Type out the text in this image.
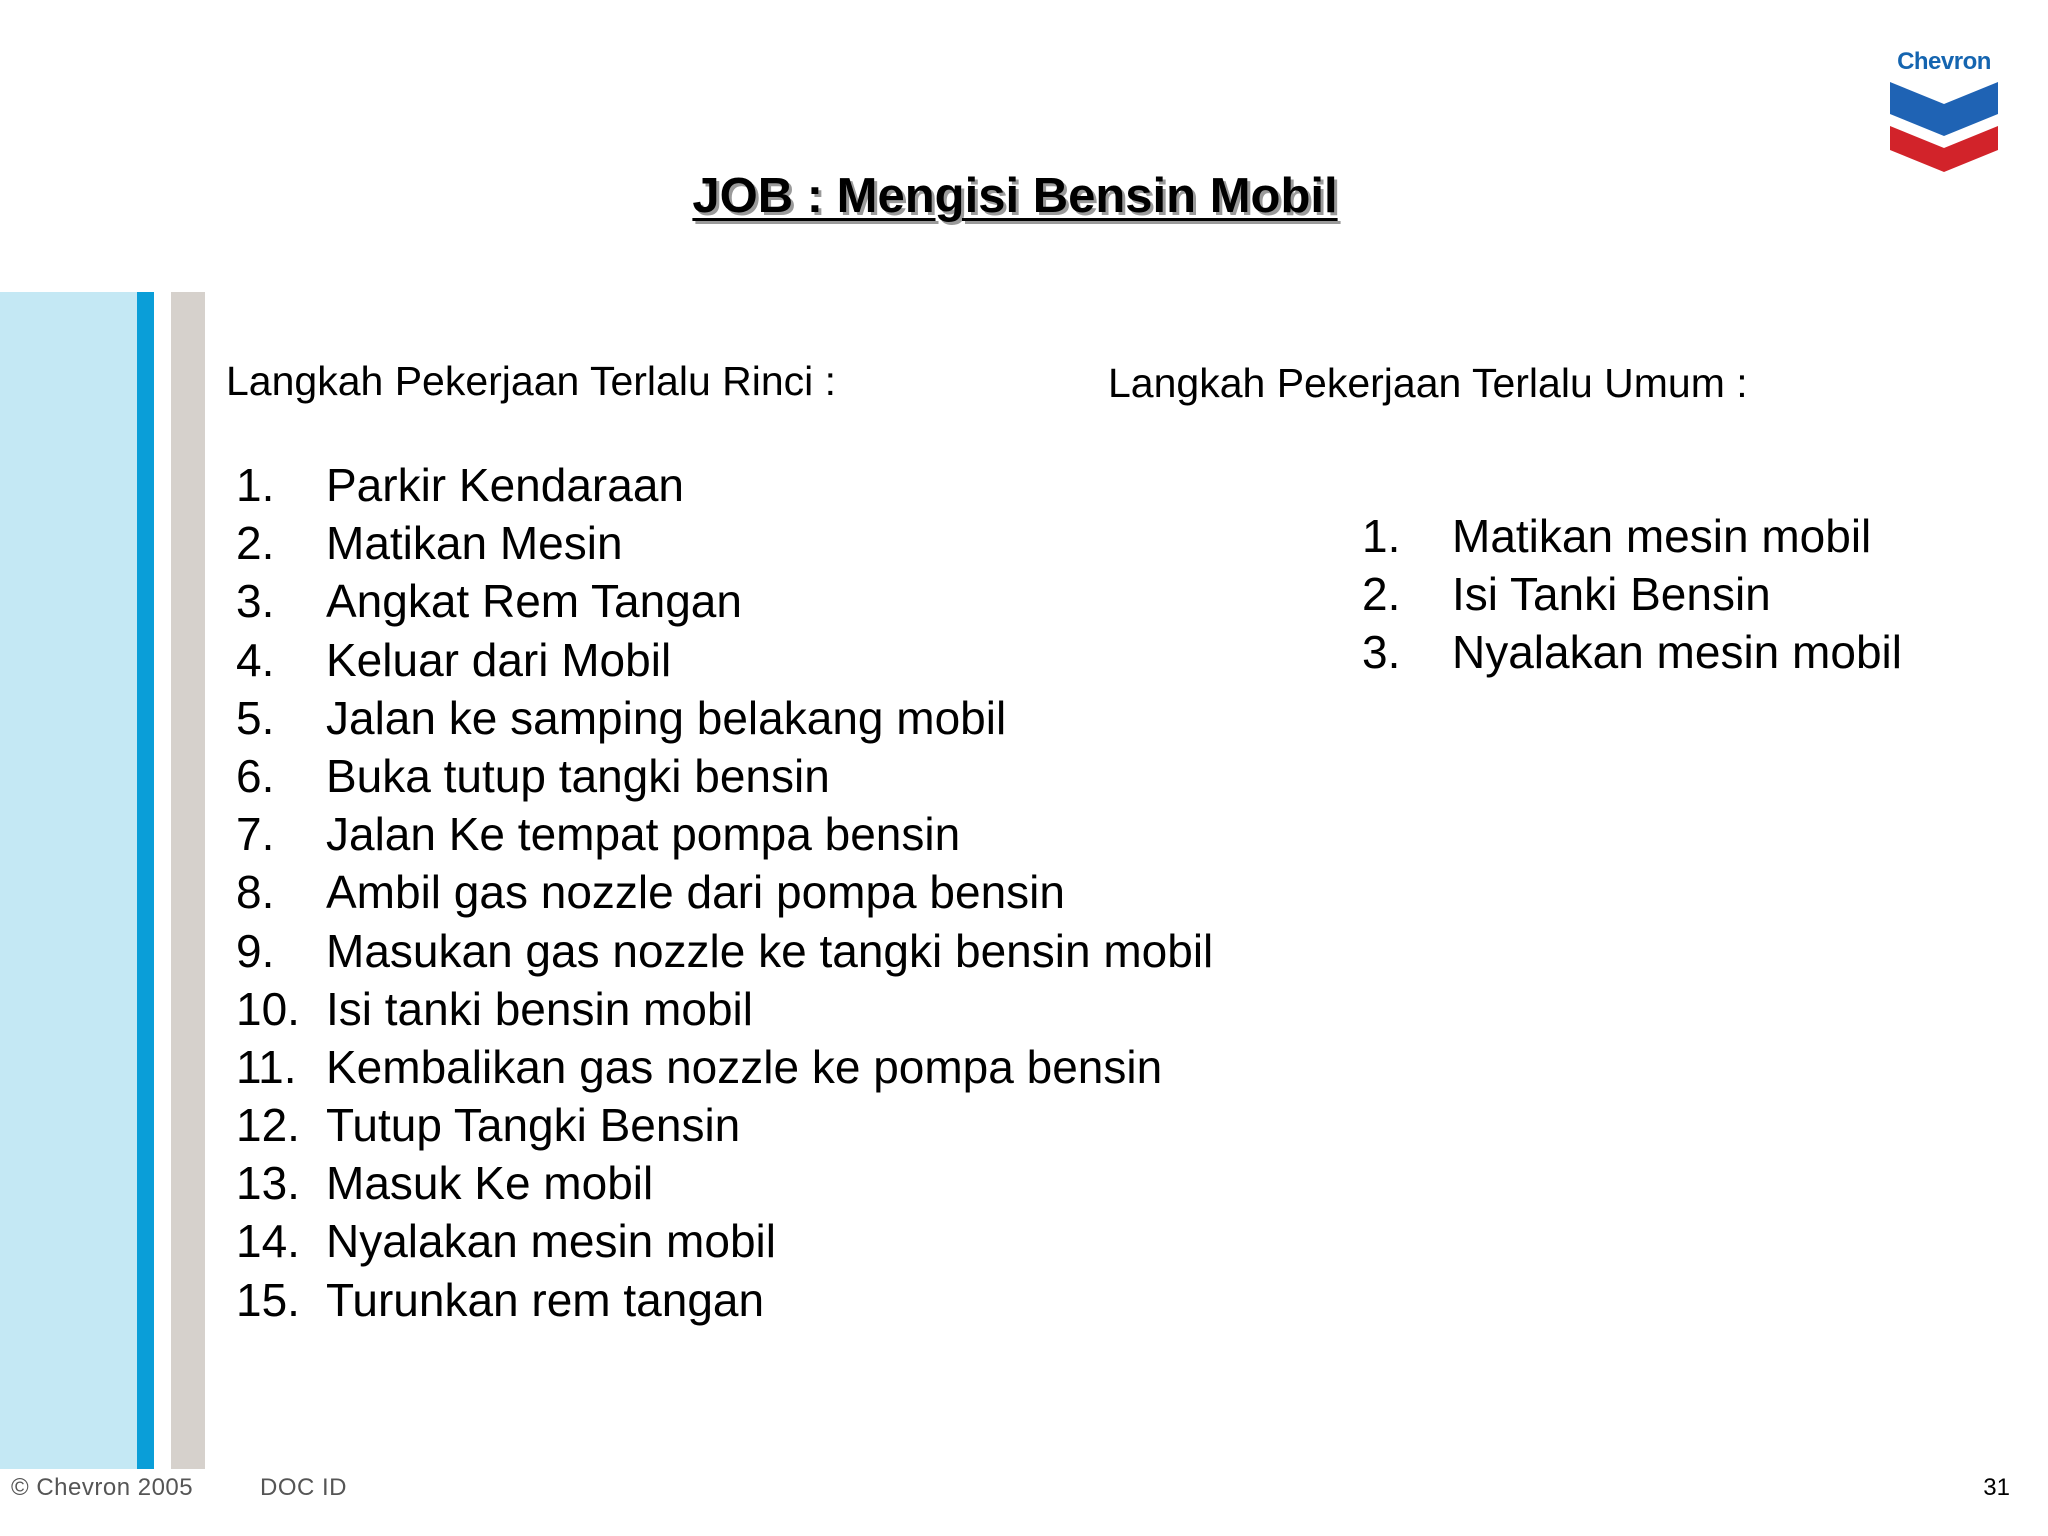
Chevron
JOB : Mengisi Bensin Mobil
Langkah Pekerjaan Terlalu Rinci :
1. Parkir Kendaraan
2. Matikan Mesin
3. Angkat Rem Tangan
4. Keluar dari Mobil
5. Jalan ke samping belakang mobil
6. Buka tutup tangki bensin
7. Jalan Ke tempat pompa bensin
8. Ambil gas nozzle dari pompa bensin
9. Masukan gas nozzle ke tangki bensin mobil
10. Isi tanki bensin mobil
11. Kembalikan gas nozzle ke pompa bensin
12. Tutup Tangki Bensin
13. Masuk Ke mobil
14. Nyalakan mesin mobil
15. Turunkan rem tangan
Langkah Pekerjaan Terlalu Umum :
1. Matikan mesin mobil
2. Isi Tanki Bensin
3. Nyalakan mesin mobil
© Chevron 2005	DOC ID	31
